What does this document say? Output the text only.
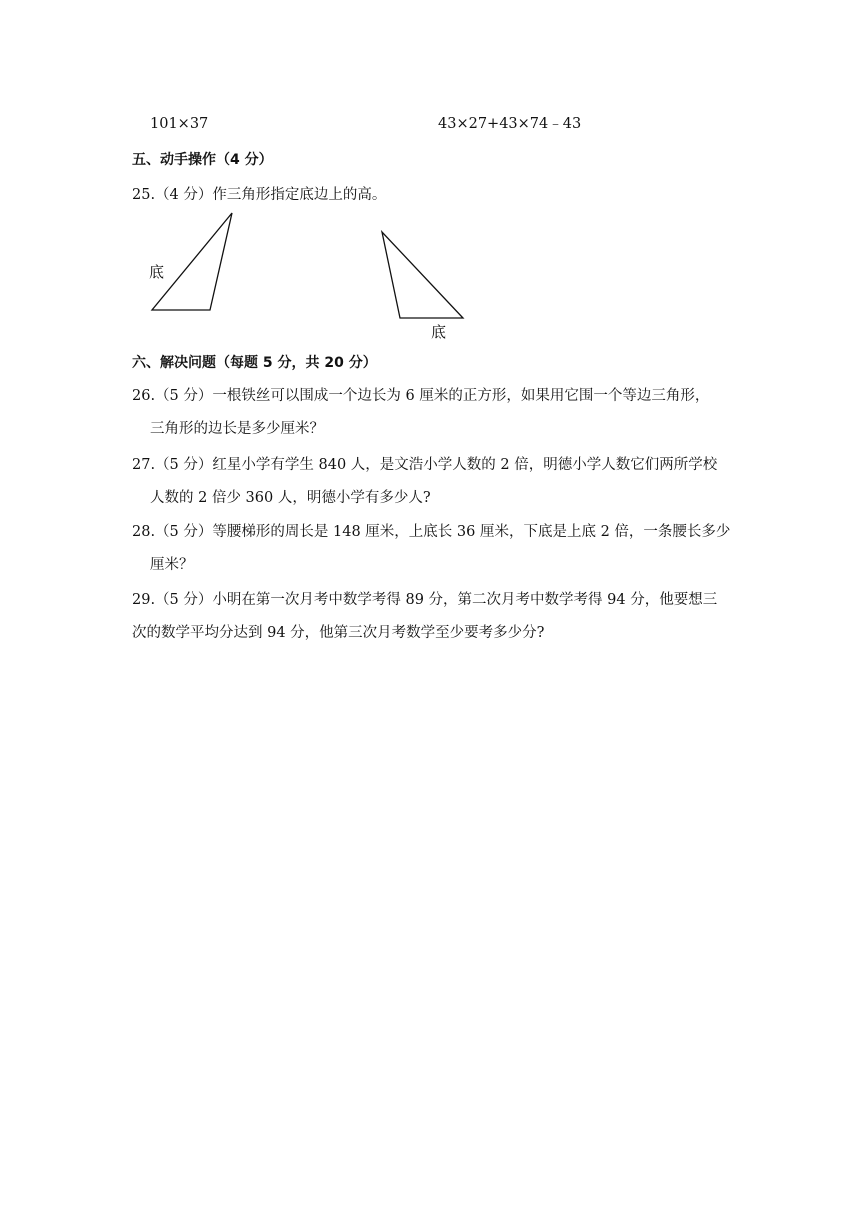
101×37	43×27+43×74﹣43
五、动手操作（4 分）
25.（4 分）作三角形指定底边上的高。
底
底
六、解决问题（每题 5 分，共 20 分）
26.（5 分）一根铁丝可以围成一个边长为 6 厘米的正方形，如果用它围一个等边三角形，
三角形的边长是多少厘米？
27.（5 分）红星小学有学生 840 人，是文浩小学人数的 2 倍，明德小学人数它们两所学校
人数的 2 倍少 360 人，明德小学有多少人?
28.（5 分）等腰梯形的周长是 148 厘米，上底长 36 厘米，下底是上底 2 倍，一条腰长多少
厘米？
29.（5 分）小明在第一次月考中数学考得 89 分，第二次月考中数学考得 94 分，他要想三
次的数学平均分达到 94 分，他第三次月考数学至少要考多少分?
